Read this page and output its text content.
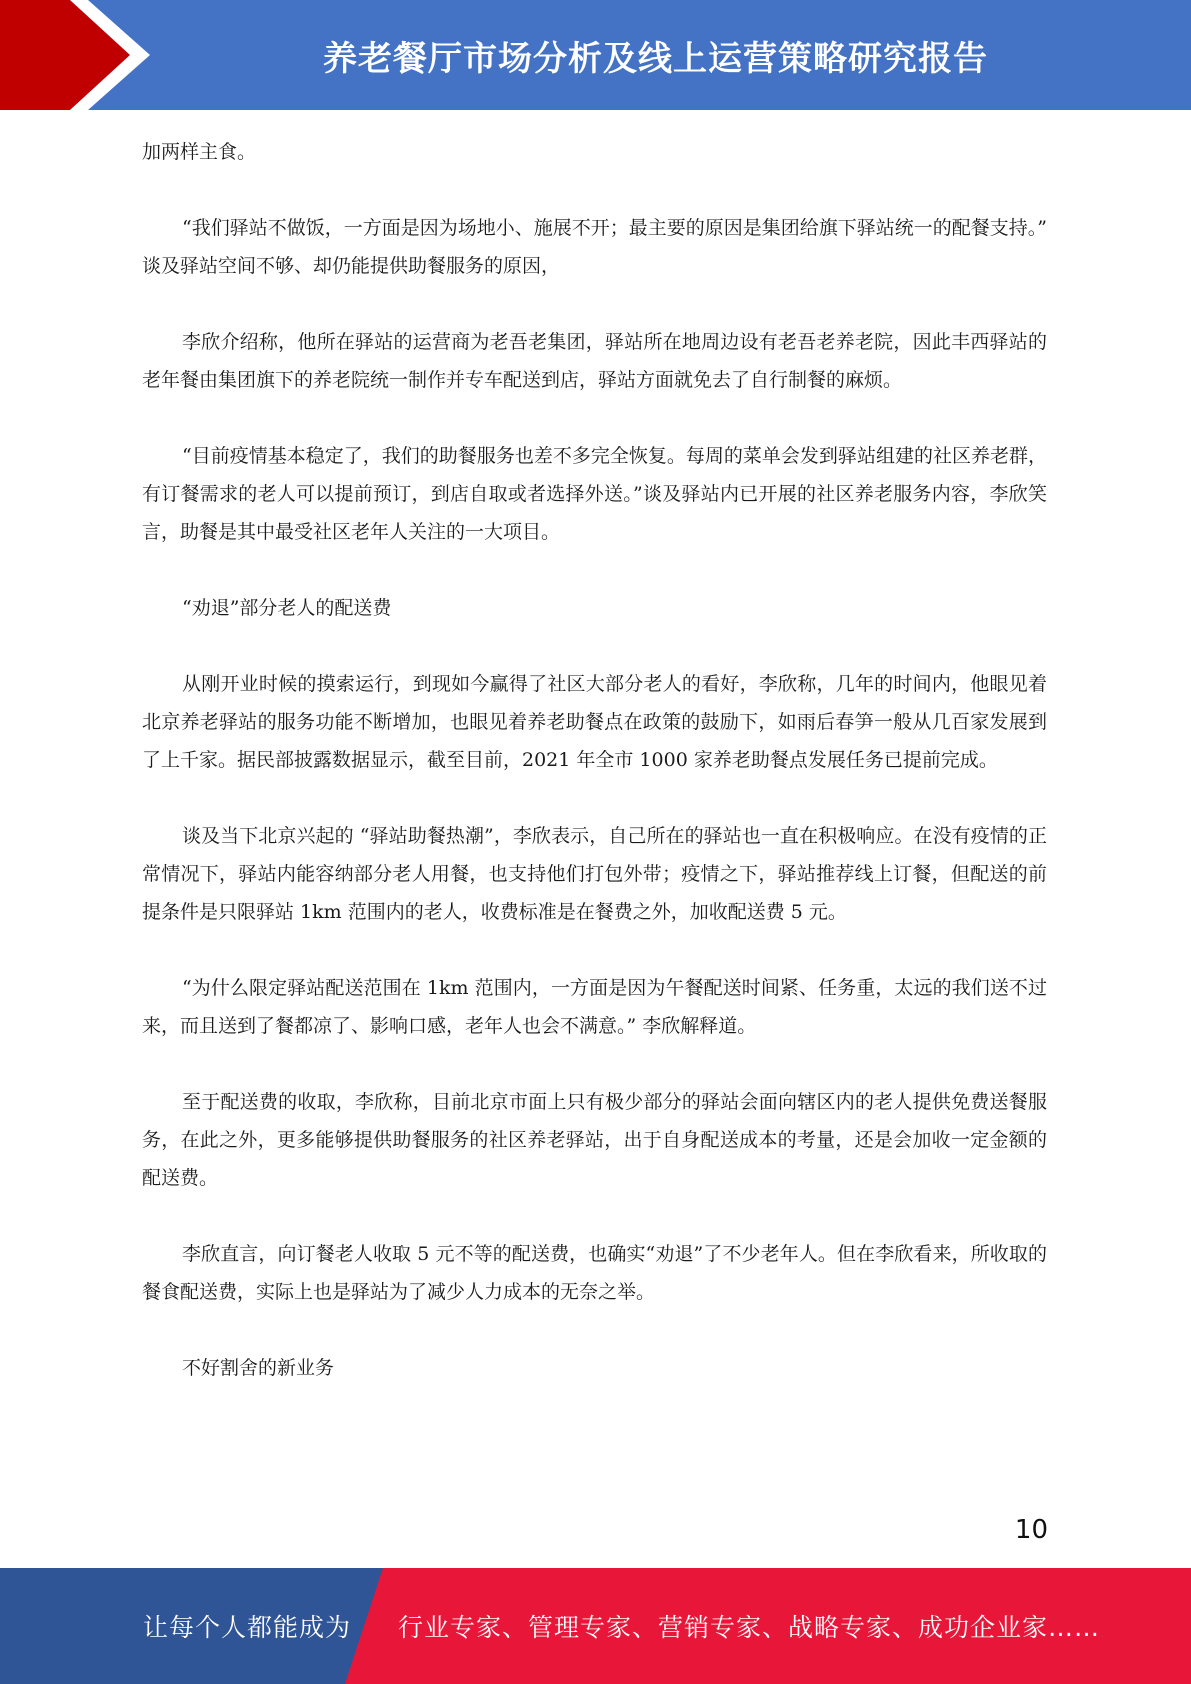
养老餐厅市场分析及线上运营策略研究报告

加两样主食。

“我们驿站不做饭，一方面是因为场地小、施展不开；最主要的原因是集团给旗下驿站统一的配餐支持。” 谈及驿站空间不够、却仍能提供助餐服务的原因，

李欣介绍称，他所在驿站的运营商为老吾老集团，驿站所在地周边设有老吾老养老院，因此丰西驿站的老年餐由集团旗下的养老院统一制作并专车配送到店，驿站方面就免去了自行制餐的麻烦。

“目前疫情基本稳定了，我们的助餐服务也差不多完全恢复。每周的菜单会发到驿站组建的社区养老群，有订餐需求的老人可以提前预订，到店自取或者选择外送。”谈及驿站内已开展的社区养老服务内容，李欣笑言，助餐是其中最受社区老年人关注的一大项目。

“劝退”部分老人的配送费

从刚开业时候的摸索运行，到现如今赢得了社区大部分老人的看好，李欣称，几年的时间内，他眼见着北京养老驿站的服务功能不断增加，也眼见着养老助餐点在政策的鼓励下，如雨后春笋一般从几百家发展到了上千家。据民部披露数据显示，截至目前，2021 年全市 1000 家养老助餐点发展任务已提前完成。

谈及当下北京兴起的 “驿站助餐热潮”，李欣表示，自己所在的驿站也一直在积极响应。在没有疫情的正常情况下，驿站内能容纳部分老人用餐，也支持他们打包外带；疫情之下，驿站推荐线上订餐，但配送的前提条件是只限驿站 1km 范围内的老人，收费标准是在餐费之外，加收配送费 5 元。

“为什么限定驿站配送范围在 1km 范围内，一方面是因为午餐配送时间紧、任务重，太远的我们送不过来，而且送到了餐都凉了、影响口感，老年人也会不满意。” 李欣解释道。

至于配送费的收取，李欣称，目前北京市面上只有极少部分的驿站会面向辖区内的老人提供免费送餐服务，在此之外，更多能够提供助餐服务的社区养老驿站，出于自身配送成本的考量，还是会加收一定金额的配送费。

李欣直言，向订餐老人收取 5 元不等的配送费，也确实“劝退”了不少老年人。但在李欣看来，所收取的餐食配送费，实际上也是驿站为了减少人力成本的无奈之举。

不好割舍的新业务

10
让每个人都能成为 行业专家、管理专家、营销专家、战略专家、成功企业家……
